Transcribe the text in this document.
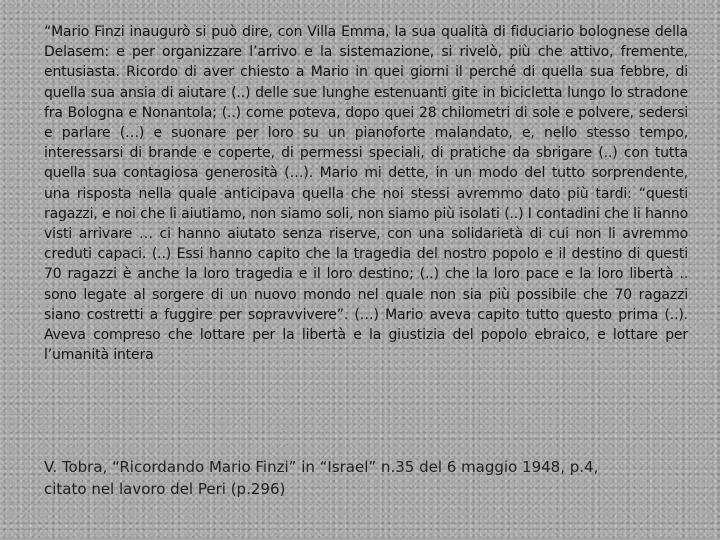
“Mario Finzi inaugurò si può dire, con Villa Emma, la sua qualità di fiduciario bolognese della Delasem: e per organizzare l’arrivo e la sistemazione, si rivelò, più che attivo, fremente, entusiasta. Ricordo di aver chiesto a Mario in quei giorni il perché di quella sua febbre, di quella sua ansia di aiutare (..) delle sue lunghe estenuanti gite in bicicletta lungo lo stradone fra Bologna e Nonantola; (..) come poteva, dopo quei 28 chilometri di sole e polvere, sedersi e parlare (…) e suonare per loro su un pianoforte malandato, e, nello stesso tempo, interessarsi di brande e coperte, di permessi speciali, di pratiche da sbrigare (..) con tutta quella sua contagiosa generosità (…). Mario mi dette, in un modo del tutto sorprendente, una risposta nella quale anticipava quella che noi stessi avremmo dato più tardi: “questi ragazzi, e noi che li aiutiamo, non siamo soli, non siamo più isolati (..) I contadini che li hanno visti arrivare … ci hanno aiutato senza riserve, con una solidarietà di cui non li avremmo creduti capaci. (..) Essi hanno capito che la tragedia del nostro popolo e il destino di questi 70 ragazzi è anche la loro tragedia e il loro destino; (..) che la loro pace e la loro libertà .. sono legate al sorgere di un nuovo mondo nel quale non sia più possibile che 70 ragazzi siano costretti a fuggire per sopravvivere”. (…) Mario aveva capito tutto questo prima (..). Aveva compreso che lottare per la libertà e la giustizia del popolo ebraico, e lottare per l’umanità intera

V. Tobra, “Ricordando Mario Finzi” in “Israel” n.35 del 6 maggio 1948, p.4, citato nel lavoro del Peri (p.296)
